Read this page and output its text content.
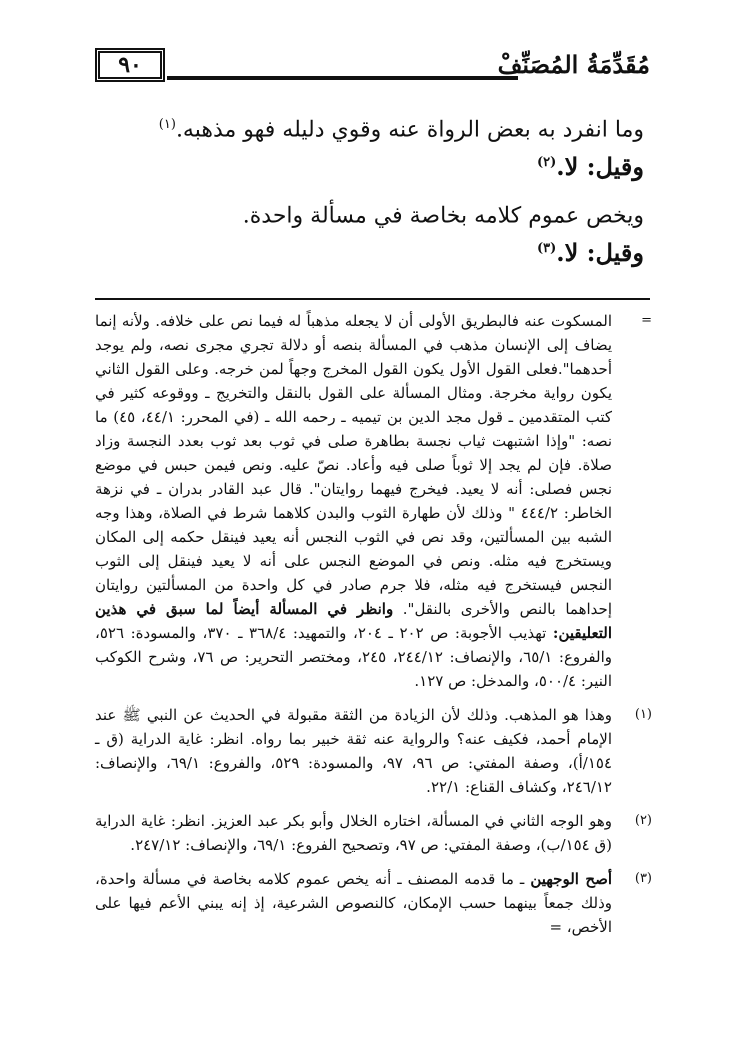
٩٠	مُقَدِّمَةُ المُصَنِّفْ
وما انفرد به بعض الرواة عنه وقوي دليله فهو مذهبه.$^{(١)}$
وقيل: لا.$^{(٢)}$
ويخص عموم كلامه بخاصة في مسألة واحدة.
وقيل: لا.$^{(٣)}$
=
المسكوت عنه فالبطريق الأولى أن لا يجعله مذهباً له فيما نص على خلافه. ولأنه إنما يضاف إلى الإنسان مذهب في المسألة بنصه أو دلالة تجري مجرى نصه، ولم يوجد أحدهما".فعلى القول الأول يكون القول المخرج وجهاً لمن خرجه. وعلى القول الثاني يكون رواية مخرجة. ومثال المسألة على القول بالنقل والتخريج ـ ووقوعه كثير في كتب المتقدمين ـ قول مجد الدين بن تيميه ـ رحمه الله ـ (في المحرر: ٤٤/١، ٤٥) ما نصه: "وإذا اشتبهت ثياب نجسة بطاهرة صلى في ثوب بعد ثوب بعدد النجسة وزاد صلاة. فإن لم يجد إلا ثوباً صلى فيه وأعاد. نصّ عليه. ونص فيمن حبس في موضع نجس فصلى: أنه لا يعيد. فيخرج فيهما روايتان". قال عبد القادر بدران ـ في نزهة الخاطر: ٤٤٤/٢ " وذلك لأن طهارة الثوب والبدن كلاهما شرط في الصلاة، وهذا وجه الشبه بين المسألتين، وقد نص في الثوب النجس أنه يعيد فينقل حكمه إلى المكان ويستخرج فيه مثله. ونص في الموضع النجس على أنه لا يعيد فينقل إلى الثوب النجس فيستخرج فيه مثله، فلا جرم صادر في كل واحدة من المسألتين روايتان إحداهما بالنص والأخرى بالنقل". وانظر في المسألة أيضاً لما سبق في هذين التعليقين: تهذيب الأجوبة: ص ٢٠٢ ـ ٢٠٤، والتمهيد: ٣٦٨/٤ ـ ٣٧٠، والمسودة: ٥٢٦، والفروع: ٦٥/١، والإنصاف: ٢٤٤/١٢، ٢٤٥، ومختصر التحرير: ص ٧٦، وشرح الكوكب النير: ٥٠٠/٤، والمدخل: ص ١٢٧.
(١)
وهذا هو المذهب. وذلك لأن الزيادة من الثقة مقبولة في الحديث عن النبي ﷺ عند الإمام أحمد، فكيف عنه؟ والرواية عنه ثقة خبير بما رواه. انظر: غاية الدراية (ق ـ ١٥٤/أ)، وصفة المفتي: ص ٩٦، ٩٧، والمسودة: ٥٢٩، والفروع: ٦٩/١، والإنصاف: ٢٤٦/١٢، وكشاف القناع: ٢٢/١.
(٢)
وهو الوجه الثاني في المسألة، اختاره الخلال وأبو بكر عبد العزيز. انظر: غاية الدراية (ق ١٥٤/ب)، وصفة المفتي: ص ٩٧، وتصحيح الفروع: ٦٩/١، والإنصاف: ٢٤٧/١٢.
(٣)
أصح الوجهين ـ ما قدمه المصنف ـ أنه يخص عموم كلامه بخاصة في مسألة واحدة، وذلك جمعاً بينهما حسب الإمكان، كالنصوص الشرعية، إذ إنه يبني الأعم فيها على الأخص، =
